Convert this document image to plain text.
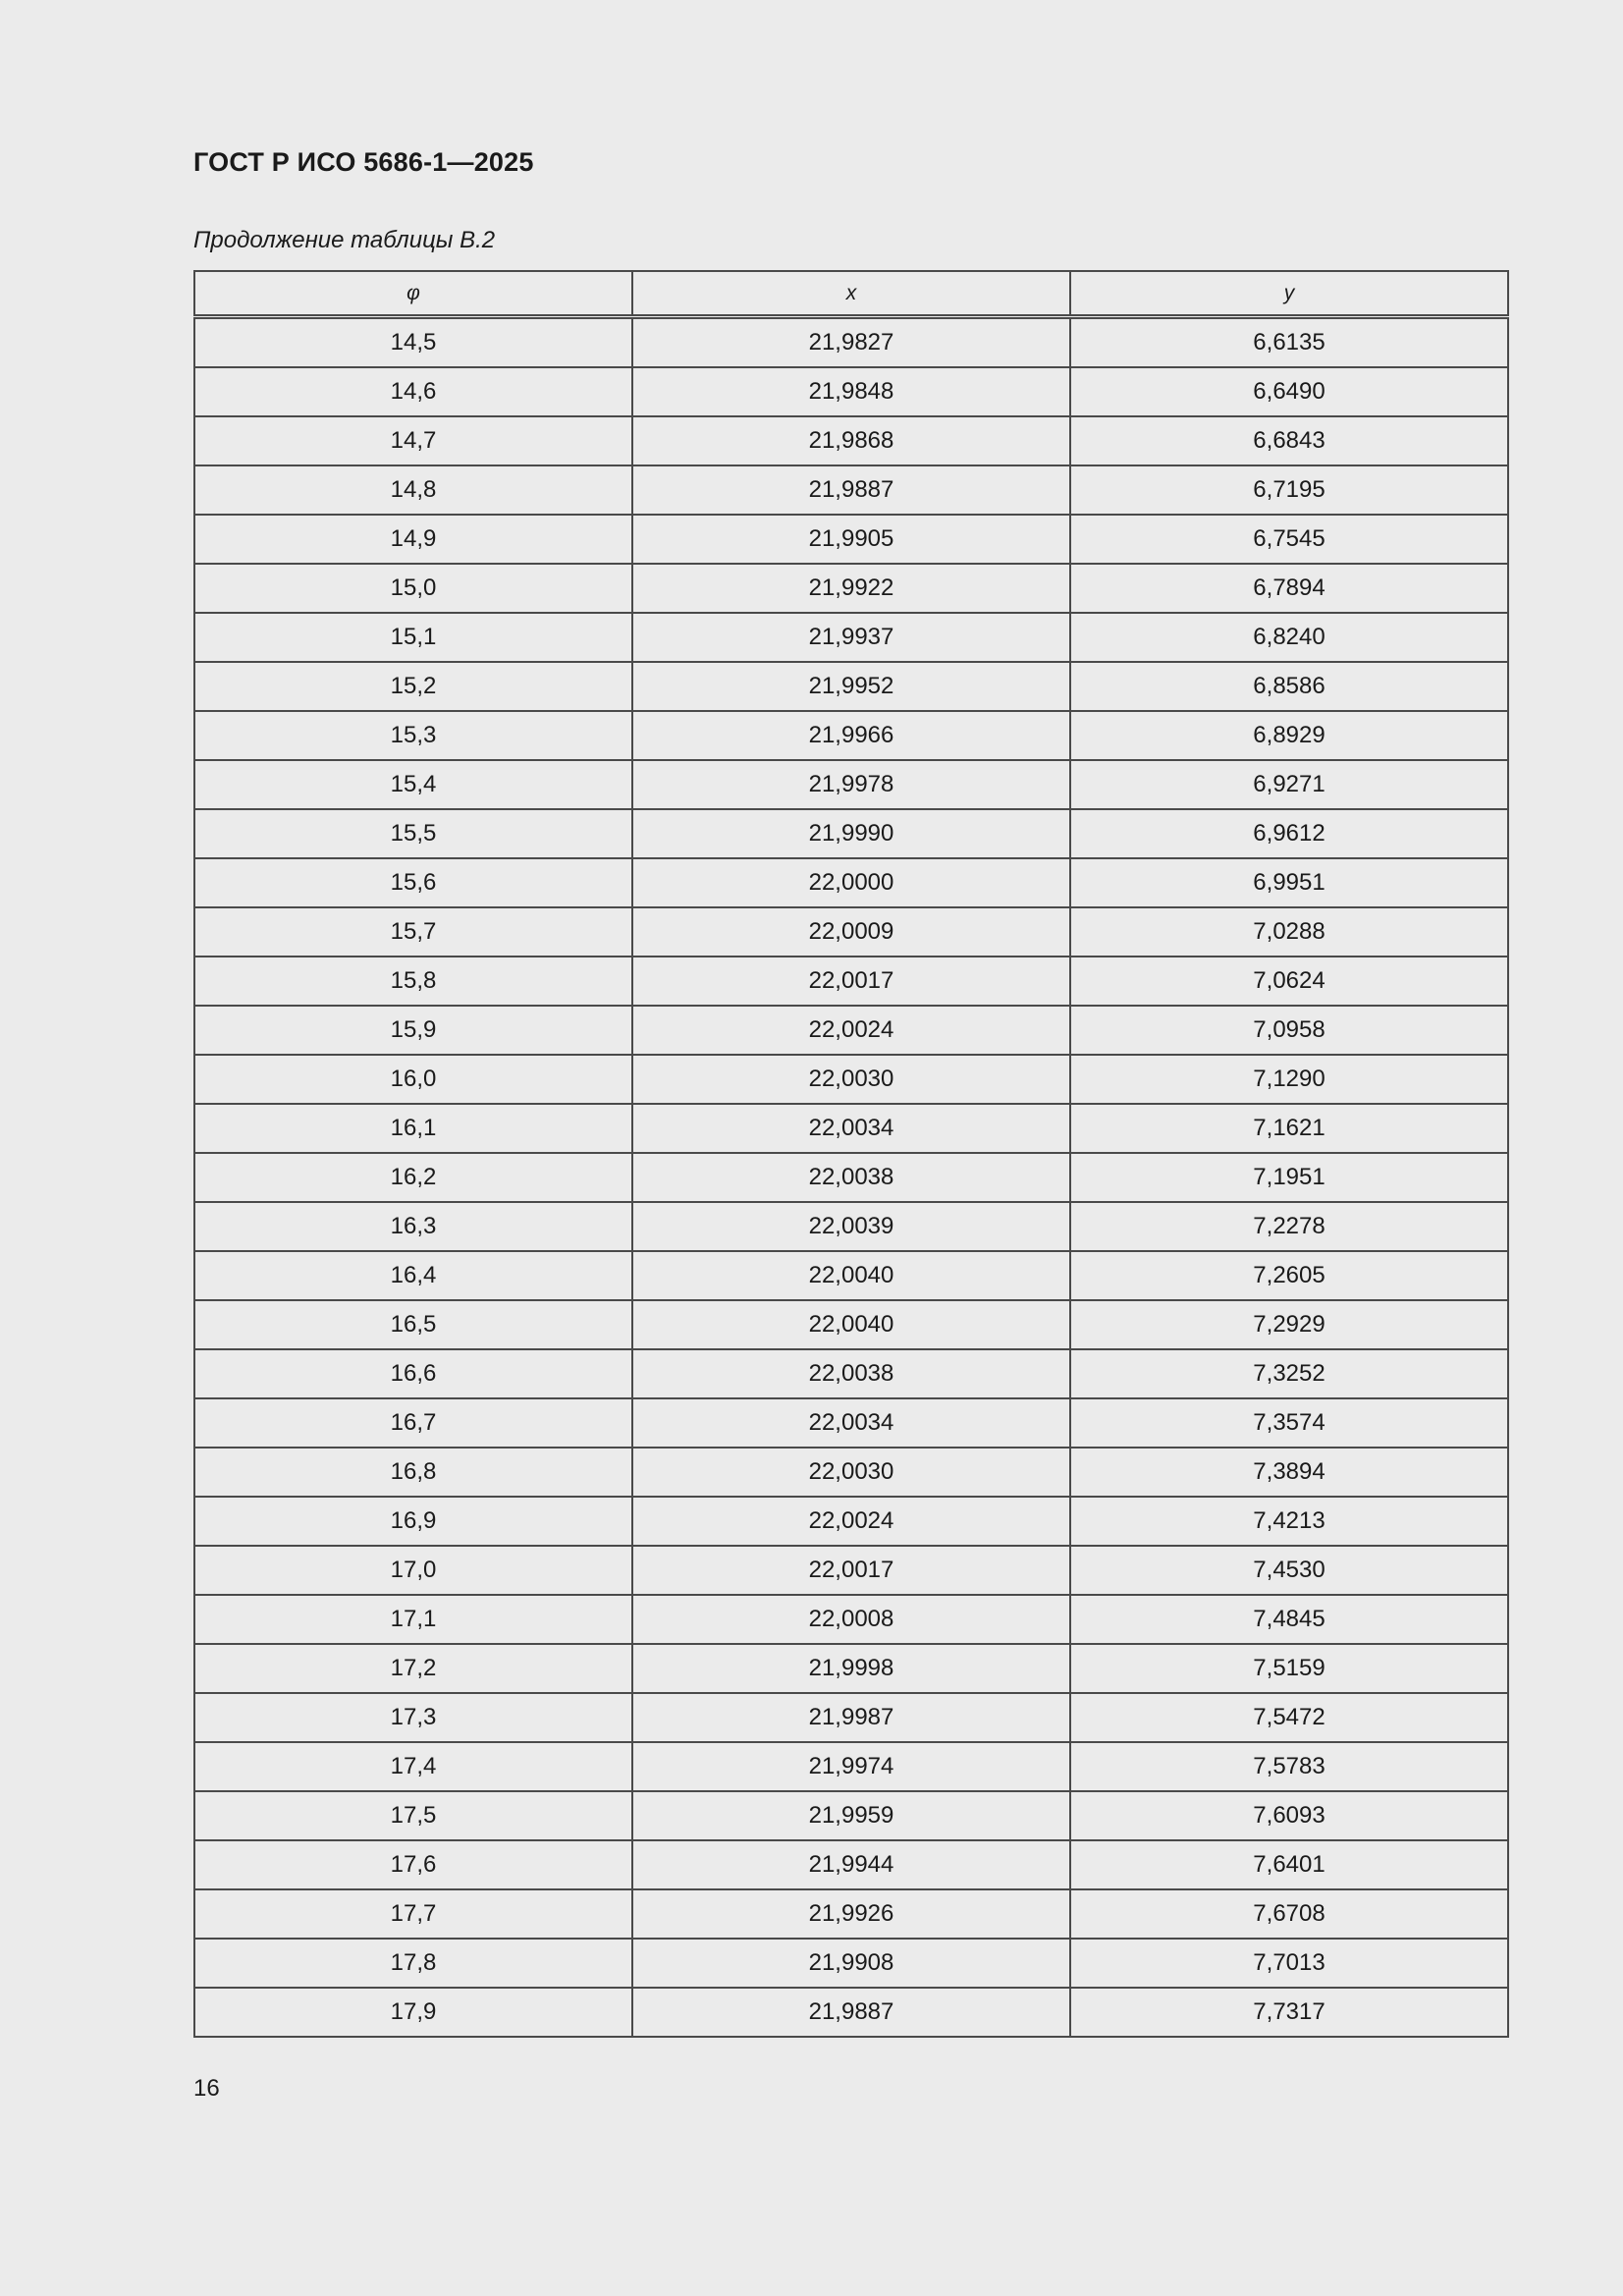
ГОСТ Р ИСО 5686-1—2025
Продолжение таблицы В.2
φ	x	y
14,5	21,9827	6,6135
14,6	21,9848	6,6490
14,7	21,9868	6,6843
14,8	21,9887	6,7195
14,9	21,9905	6,7545
15,0	21,9922	6,7894
15,1	21,9937	6,8240
15,2	21,9952	6,8586
15,3	21,9966	6,8929
15,4	21,9978	6,9271
15,5	21,9990	6,9612
15,6	22,0000	6,9951
15,7	22,0009	7,0288
15,8	22,0017	7,0624
15,9	22,0024	7,0958
16,0	22,0030	7,1290
16,1	22,0034	7,1621
16,2	22,0038	7,1951
16,3	22,0039	7,2278
16,4	22,0040	7,2605
16,5	22,0040	7,2929
16,6	22,0038	7,3252
16,7	22,0034	7,3574
16,8	22,0030	7,3894
16,9	22,0024	7,4213
17,0	22,0017	7,4530
17,1	22,0008	7,4845
17,2	21,9998	7,5159
17,3	21,9987	7,5472
17,4	21,9974	7,5783
17,5	21,9959	7,6093
17,6	21,9944	7,6401
17,7	21,9926	7,6708
17,8	21,9908	7,7013
17,9	21,9887	7,7317
16
